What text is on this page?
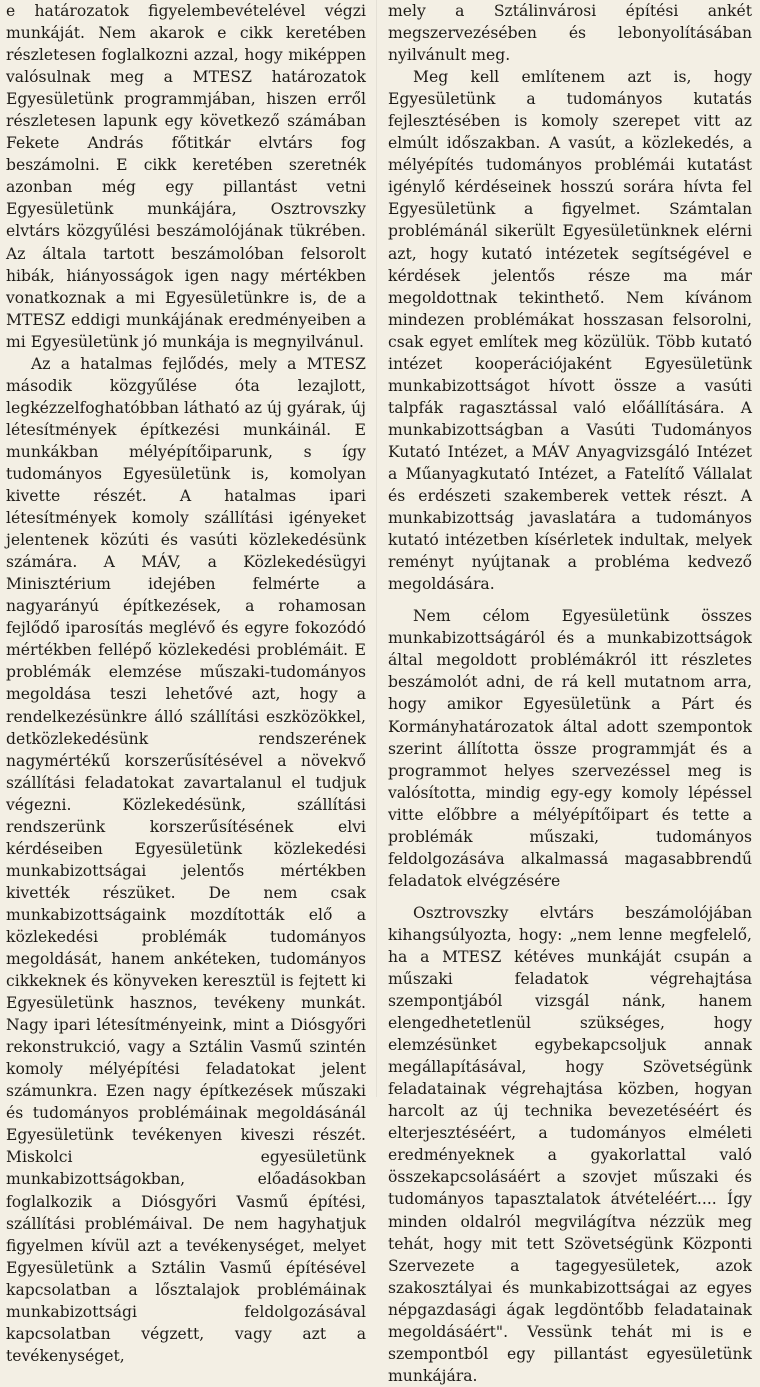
e határozatok figyelembevételével végzi munkáját. Nem akarok e cikk keretében részletesen foglalkozni azzal, hogy miképpen valósulnak meg a MTESZ határozatok Egyesületünk programmjában, hiszen erről részletesen lapunk egy következő számában Fekete András főtitkár elvtárs fog beszámolni. E cikk keretében szeretnék azonban még egy pillantást vetni Egyesületünk munkájára, Osztrovszky elvtárs közgyűlési beszámolójának tükrében. Az általa tartott beszámolóban felsorolt hibák, hiányosságok igen nagy mértékben vonatkoznak a mi Egyesületünkre is, de a MTESZ eddigi munkájának eredményeiben a mi Egyesületünk jó munkája is megnyilvánul.

Az a hatalmas fejlődés, mely a MTESZ második közgyűlése óta lezajlott, legkézzelfoghatóbban látható az új gyárak, új létesítmények építkezési munkáinál. E munkákban mélyépítőiparunk, s így tudományos Egyesületünk is, komolyan kivette részét. A hatalmas ipari létesítmények komoly szállítási igényeket jelentenek közúti és vasúti közlekedésünk számára. A MÁV, a Közlekedésügyi Minisztérium idejében felmérte a nagyarányú építkezések, a rohamosan fejlődő iparosítás meglévő és egyre fokozódó mértékben fellépő közlekedési problémáit. E problémák elemzése műszaki-tudományos megoldása teszi lehetővé azt, hogy a rendelkezésünkre álló szállítási eszközökkel, detközlekedésünk rendszerének nagymértékű korszerűsítésével a növekvő szállítási feladatokat zavartalanul el tudjuk végezni. Közlekedésünk, szállítási rendszerünk korszerűsítésének elvi kérdéseiben Egyesületünk közlekedési munkabizottságai jelentős mértékben kivették részüket. De nem csak munkabizottságaink mozdították elő a közlekedési problémák tudományos megoldását, hanem ankéteken, tudományos cikkeknek és könyveken keresztül is fejtett ki Egyesületünk hasznos, tevékeny munkát. Nagy ipari létesítményeink, mint a Diósgyőri rekonstrukció, vagy a Sztálin Vasmű szintén komoly mélyépítési feladatokat jelent számunkra. Ezen nagy építkezések műszaki és tudományos problémáinak megoldásánál Egyesületünk tevékenyen kiveszi részét. Miskolci egyesületünk munkabizottságokban, előadásokban foglalkozik a Diósgyőri Vasmű építési, szállítási problémáival. De nem hagyhatjuk figyelmen kívül azt a tevékenységet, melyet Egyesületünk a Sztálin Vasmű építésével kapcsolatban a lősztalajok problémáinak munkabizottsági feldolgozásával kapcsolatban végzett, vagy azt a tevékenységet,

mely a Sztálinvárosi építési ankét megszervezésében és lebonyolításában nyilvánult meg.

Meg kell említenem azt is, hogy Egyesületünk a tudományos kutatás fejlesztésében is komoly szerepet vitt az elmúlt időszakban. A vasút, a közlekedés, a mélyépítés tudományos problémái kutatást igénylő kérdéseinek hosszú sorára hívta fel Egyesületünk a figyelmet. Számtalan problémánál sikerült Egyesületünknek elérni azt, hogy kutató intézetek segítségével e kérdések jelentős része ma már megoldottnak tekinthető. Nem kívánom mindezen problémákat hosszasan felsorolni, csak egyet említek meg közülük. Több kutató intézet kooperációjaként Egyesületünk munkabizottságot hívott össze a vasúti talpfák ragasztással való előállítására. A munkabizottságban a Vasúti Tudományos Kutató Intézet, a MÁV Anyagvizsgáló Intézet a Műanyagkutató Intézet, a Fatelítő Vállalat és erdészeti szakemberek vettek részt. A munkabizottság javaslatára a tudományos kutató intézetben kísérletek indultak, melyek reményt nyújtanak a probléma kedvező megoldására.

Nem célom Egyesületünk összes munkabizottságáról és a munkabizottságok által megoldott problémákról itt részletes beszámolót adni, de rá kell mutatnom arra, hogy amikor Egyesületünk a Párt és Kormányhatározatok által adott szempontok szerint állította össze programmját és a programmot helyes szervezéssel meg is valósította, mindig egy-egy komoly lépéssel vitte előbbre a mélyépítőipart és tette a problémák műszaki, tudományos feldolgozásáva alkalmassá magasabbrendű feladatok elvégzésére

Osztrovszky elvtárs beszámolójában kihangsúlyozta, hogy: „nem lenne megfelelő, ha a MTESZ kétéves munkáját csupán a műszaki feladatok végrehajtása szempontjából vizsgál nánk, hanem elengedhetetlenül szükséges, hogy elemzésünket egybekapcsoljuk annak megállapításával, hogy Szövetségünk feladatainak végrehajtása közben, hogyan harcolt az új technika bevezetéséért és elterjesztéséért, a tudományos elméleti eredményeknek a gyakorlattal való összekapcsolásáért a szovjet műszaki és tudományos tapasztalatok átvételéért.... Így minden oldalról megvilágítva nézzük meg tehát, hogy mit tett Szövetségünk Központi Szervezete a tagegyesületek, azok szakosztályai és munkabizottságai az egyes népgazdasági ágak legdöntőbb feladatainak megoldásáért". Vessünk tehát mi is e szempontból egy pillantást egyesületünk munkájára.
